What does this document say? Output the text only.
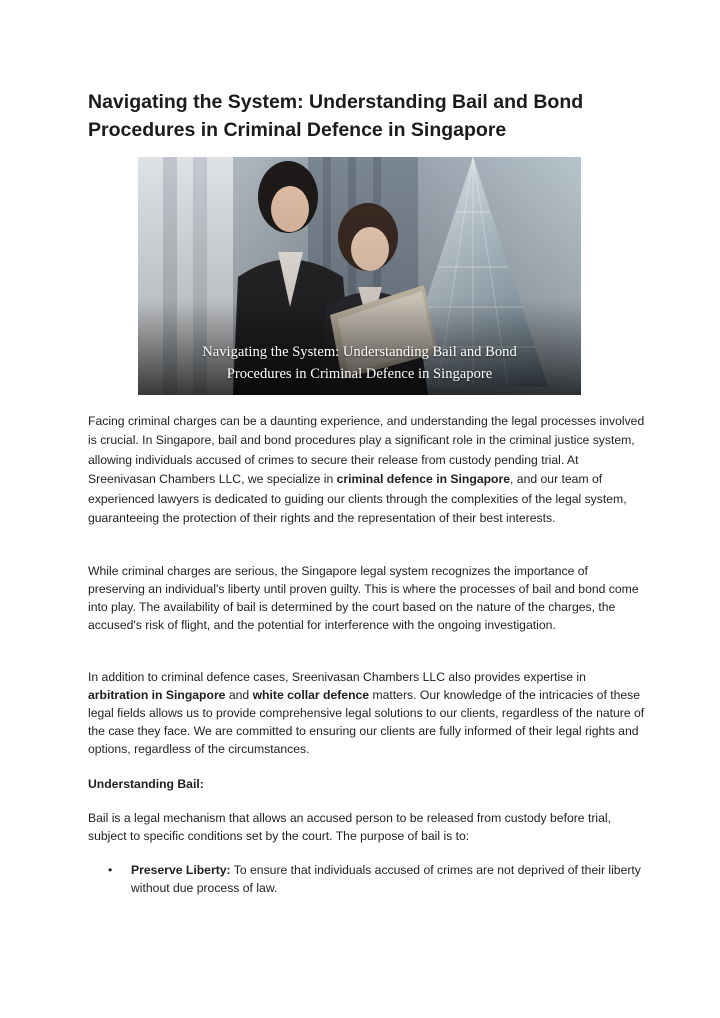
Navigating the System: Understanding Bail and Bond Procedures in Criminal Defence in Singapore
Navigating the System: Understanding Bail and Bond
Procedures in Criminal Defence in Singapore

Facing criminal charges can be a daunting experience, and understanding the legal processes involved is crucial. In Singapore, bail and bond procedures play a significant role in the criminal justice system, allowing individuals accused of crimes to secure their release from custody pending trial. At Sreenivasan Chambers LLC, we specialize in criminal defence in Singapore, and our team of experienced lawyers is dedicated to guiding our clients through the complexities of the legal system, guaranteeing the protection of their rights and the representation of their best interests.

While criminal charges are serious, the Singapore legal system recognizes the importance of preserving an individual's liberty until proven guilty. This is where the processes of bail and bond come into play. The availability of bail is determined by the court based on the nature of the charges, the accused's risk of flight, and the potential for interference with the ongoing investigation.

In addition to criminal defence cases, Sreenivasan Chambers LLC also provides expertise in arbitration in Singapore and white collar defence matters. Our knowledge of the intricacies of these legal fields allows us to provide comprehensive legal solutions to our clients, regardless of the nature of the case they face. We are committed to ensuring our clients are fully informed of their legal rights and options, regardless of the circumstances.

Understanding Bail:

Bail is a legal mechanism that allows an accused person to be released from custody before trial, subject to specific conditions set by the court. The purpose of bail is to:

• Preserve Liberty: To ensure that individuals accused of crimes are not deprived of their liberty without due process of law.
